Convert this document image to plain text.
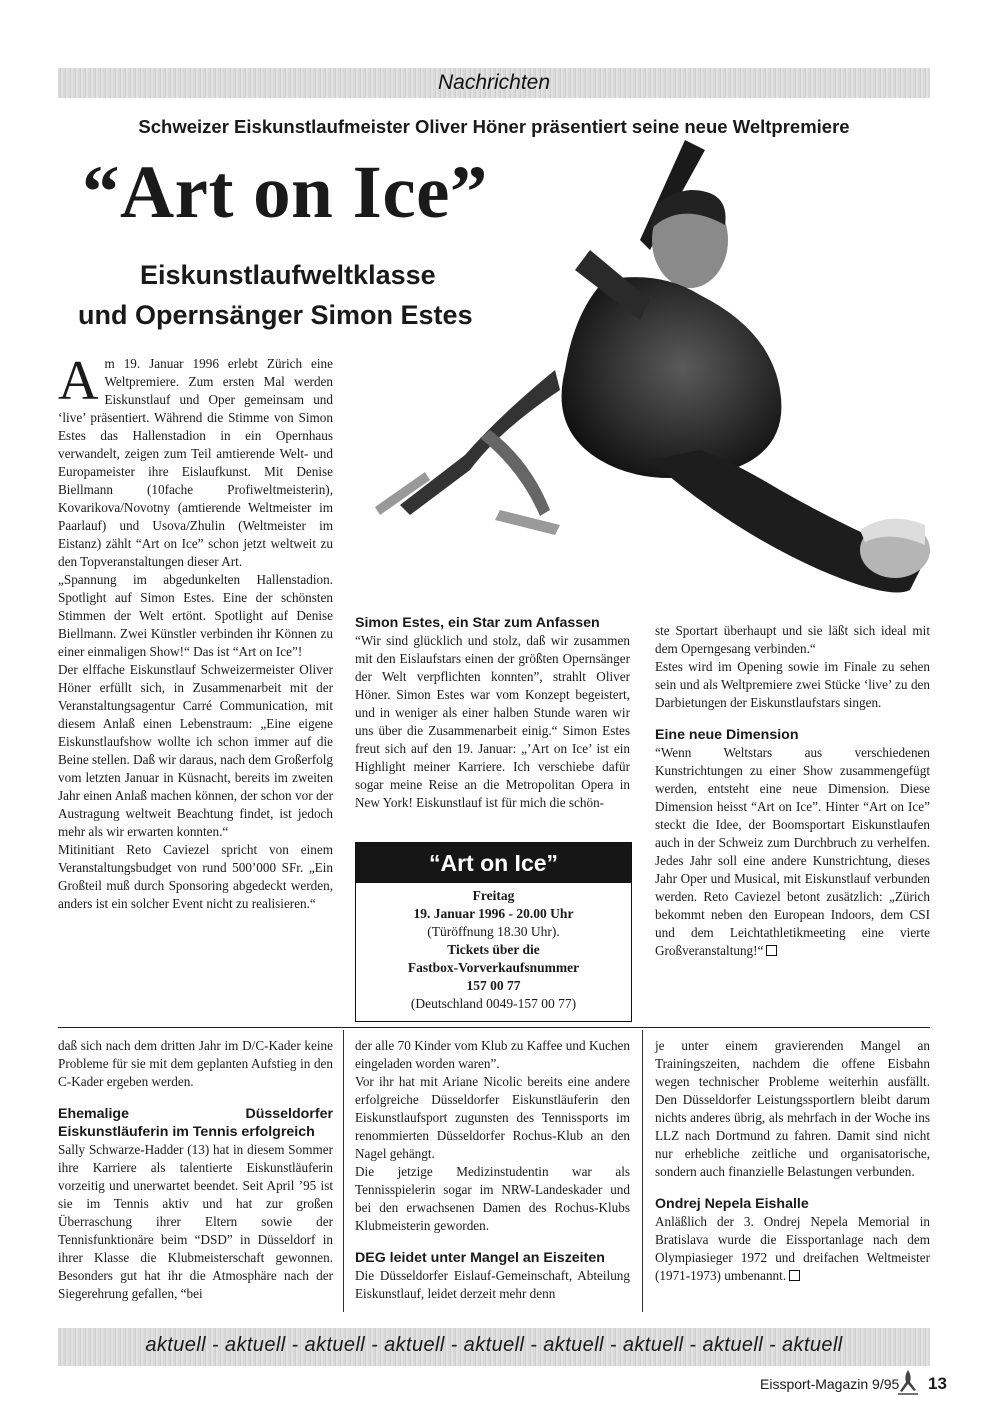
Nachrichten
Schweizer Eiskunstlaufmeister Oliver Höner präsentiert seine neue Weltpremiere
“Art on Ice”
Eiskunstlaufweltklasse
und Opernsänger Simon Estes
A m 19. Januar 1996 erlebt Zürich eine Weltpremiere. Zum ersten Mal werden Eiskunstlauf und Oper gemeinsam und ‘live’ präsentiert. Während die Stimme von Simon Estes das Hallenstadion in ein Opernhaus verwandelt, zeigen zum Teil amtierende Welt- und Europameister ihre Eislaufkunst. Mit Denise Biellmann (10fache Profiweltmeisterin), Kovarikova/Novotny (amtierende Weltmeister im Paarlauf) und Usova/Zhulin (Weltmeister im Eistanz) zählt “Art on Ice” schon jetzt weltweit zu den Topveranstaltungen dieser Art.

„Spannung im abgedunkelten Hallenstadion. Spotlight auf Simon Estes. Eine der schönsten Stimmen der Welt ertönt. Spotlight auf Denise Biellmann. Zwei Künstler verbinden ihr Können zu einer einmaligen Show!“ Das ist “Art on Ice”!

Der elffache Eiskunstlauf Schweizermeister Oliver Höner erfüllt sich, in Zusammenarbeit mit der Veranstaltungsagentur Carré Communication, mit diesem Anlaß einen Lebenstraum: „Eine eigene Eiskunstlaufshow wollte ich schon immer auf die Beine stellen. Daß wir daraus, nach dem Großerfolg vom letzten Januar in Küsnacht, bereits im zweiten Jahr einen Anlaß machen können, der schon vor der Austragung weltweit Beachtung findet, ist jedoch mehr als wir erwarten konnten.“

Mitinitiant Reto Caviezel spricht von einem Veranstaltungsbudget von rund 500’000 SFr. „Ein Großteil muß durch Sponsoring abgedeckt werden, anders ist ein solcher Event nicht zu realisieren.“

Simon Estes, ein Star zum Anfassen

“Wir sind glücklich und stolz, daß wir zusammen mit den Eislaufstars einen der größten Opernsänger der Welt verpflichten konnten”, strahlt Oliver Höner. Simon Estes war vom Konzept begeistert, und in weniger als einer halben Stunde waren wir uns über die Zusammenarbeit einig.“ Simon Estes freut sich auf den 19. Januar: „’Art on Ice’ ist ein Highlight meiner Karriere. Ich verschiebe dafür sogar meine Reise an die Metropolitan Opera in New York! Eiskunstlauf ist für mich die schön-

“Art on Ice”
Freitag
19. Januar 1996 - 20.00 Uhr
(Türöffnung 18.30 Uhr).
Tickets über die
Fastbox-Vorverkaufsnummer
157 00 77
(Deutschland 0049-157 00 77)

ste Sportart überhaupt und sie läßt sich ideal mit dem Operngesang verbinden.“

Estes wird im Opening sowie im Finale zu sehen sein und als Weltpremiere zwei Stücke ‘live’ zu den Darbietungen der Eiskunstlaufstars singen.

Eine neue Dimension

“Wenn Weltstars aus verschiedenen Kunstrichtungen zu einer Show zusammengefügt werden, entsteht eine neue Dimension. Diese Dimension heisst “Art on Ice”. Hinter “Art on Ice” steckt die Idee, der Boomsportart Eiskunstlaufen auch in der Schweiz zum Durchbruch zu verhelfen. Jedes Jahr soll eine andere Kunstrichtung, dieses Jahr Oper und Musical, mit Eiskunstlauf verbunden werden. Reto Caviezel betont zusätzlich: „Zürich bekommt neben den European Indoors, dem CSI und dem Leichtathletikmeeting eine vierte Großveranstaltung!“

daß sich nach dem dritten Jahr im D/C-Kader keine Probleme für sie mit dem geplanten Aufstieg in den C-Kader ergeben werden.

Ehemalige Düsseldorfer Eiskunstläuferin im Tennis erfolgreich

Sally Schwarze-Hadder (13) hat in diesem Sommer ihre Karriere als talentierte Eiskunstläuferin vorzeitig und unerwartet beendet. Seit April ’95 ist sie im Tennis aktiv und hat zur großen Überraschung ihrer Eltern sowie der Tennisfunktionäre beim “DSD” in Düsseldorf in ihrer Klasse die Klubmeisterschaft gewonnen. Besonders gut hat ihr die Atmosphäre nach der Siegerehrung gefallen, “bei

der alle 70 Kinder vom Klub zu Kaffee und Kuchen eingeladen worden waren”.

Vor ihr hat mit Ariane Nicolic bereits eine andere erfolgreiche Düsseldorfer Eiskunstläuferin den Eiskunstlaufsport zugunsten des Tennissports im renommierten Düsseldorfer Rochus-Klub an den Nagel gehängt.

Die jetzige Medizinstudentin war als Tennisspielerin sogar im NRW-Landeskader und bei den erwachsenen Damen des Rochus-Klubs Klubmeisterin geworden.

DEG leidet unter Mangel an Eiszeiten

Die Düsseldorfer Eislauf-Gemeinschaft, Abteilung Eiskunstlauf, leidet derzeit mehr denn

je unter einem gravierenden Mangel an Trainingszeiten, nachdem die offene Eisbahn wegen technischer Probleme weiterhin ausfällt. Den Düsseldorfer Leistungssportlern bleibt darum nichts anderes übrig, als mehrfach in der Woche ins LLZ nach Dortmund zu fahren. Damit sind nicht nur erhebliche zeitliche und organisatorische, sondern auch finanzielle Belastungen verbunden.

Ondrej Nepela Eishalle

Anläßlich der 3. Ondrej Nepela Memorial in Bratislava wurde die Eissportanlage nach dem Olympiasieger 1972 und dreifachen Weltmeister (1971-1973) umbenannt.

aktuell - aktuell - aktuell - aktuell - aktuell - aktuell - aktuell - aktuell - aktuell
Eissport-Magazin 9/95 13
